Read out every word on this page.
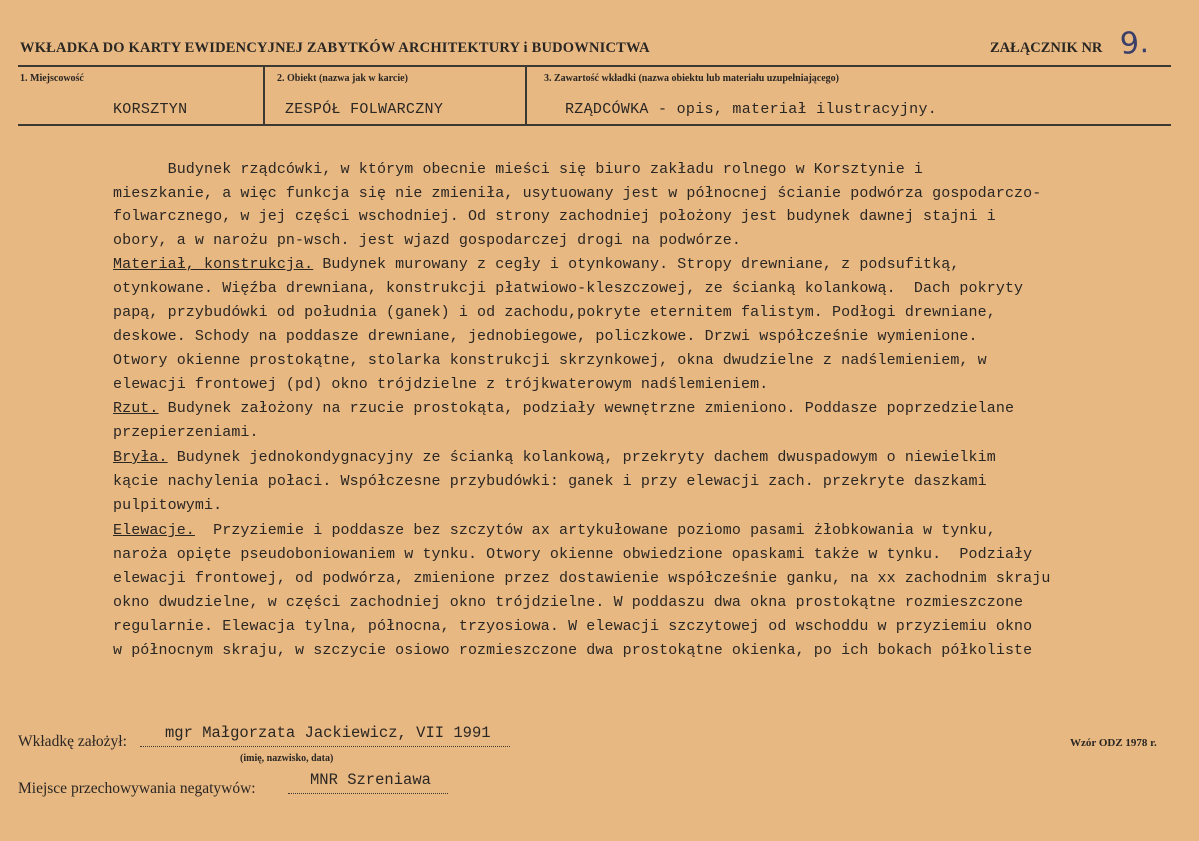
WKŁADKA DO KARTY EWIDENCYJNEJ ZABYTKÓW ARCHITEKTURY i BUDOWNICTWA	ZAŁĄCZNIK NR 9.
1. Miejscowość	2. Obiekt (nazwa jak w karcie)	3. Zawartość wkładki (nazwa obiektu lub materiału uzupełniającego)
KORSZTYN	ZESPÓŁ FOLWARCZNY	RZĄDCÓWKA - opis, materiał ilustracyjny.
Budynek rządcówki, w którym obecnie mieści się biuro zakładu rolnego w Korsztynie i
mieszkanie, a więc funkcja się nie zmieniła, usytuowany jest w północnej ścianie podwórza gospodarczo-
folwarcznego, w jej części wschodniej. Od strony zachodniej położony jest budynek dawnej stajni i
obory, a w narożu pn-wsch. jest wjazd gospodarczej drogi na podwórze.
Materiał, konstrukcja. Budynek murowany z cegły i otynkowany. Stropy drewniane, z podsufitką,
otynkowane. Więźba drewniana, konstrukcji płatwiowo-kleszczowej, ze ścianką kolankową.  Dach pokryty
papą, przybudówki od południa (ganek) i od zachodu,pokryte eternitem falistym. Podłogi drewniane,
deskowe. Schody na poddasze drewniane, jednobiegowe, policzkowe. Drzwi współcześnie wymienione.
Otwory okienne prostokątne, stolarka konstrukcji skrzynkowej, okna dwudzielne z nadślemieniem, w
elewacji frontowej (pd) okno trójdzielne z trójkwaterowym nadślemieniem.
Rzut. Budynek założony na rzucie prostokąta, podziały wewnętrzne zmieniono. Poddasze poprzedzielane
przepierzeniami.
Bryła. Budynek jednokondygnacyjny ze ścianką kolankową, przekryty dachem dwuspadowym o niewielkim
kącie nachylenia połaci. Współczesne przybudówki: ganek i przy elewacji zach. przekryte daszkami
pulpitowymi.
Elewacje.  Przyziemie i poddasze bez szczytów ax artykułowane poziomo pasami żłobkowania w tynku,
naroża opięte pseudoboniowaniem w tynku. Otwory okienne obwiedzione opaskami także w tynku.  Podziały
elewacji frontowej, od podwórza, zmienione przez dostawienie współcześnie ganku, na xx zachodnim skraju
okno dwudzielne, w części zachodniej okno trójdzielne. W poddaszu dwa okna prostokątne rozmieszczone
regularnie. Elewacja tylna, północna, trzyosiowa. W elewacji szczytowej od wschoddu w przyziemiu okno
w północnym skraju, w szczycie osiowo rozmieszczone dwa prostokątne okienka, po ich bokach półkoliste
Wkładkę założył: mgr Małgorzata Jackiewicz, VII 1991
(imię, nazwisko, data)
Miejsce przechowywania negatywów:	MNR Szreniawa
Wzór ODZ 1978 r.
